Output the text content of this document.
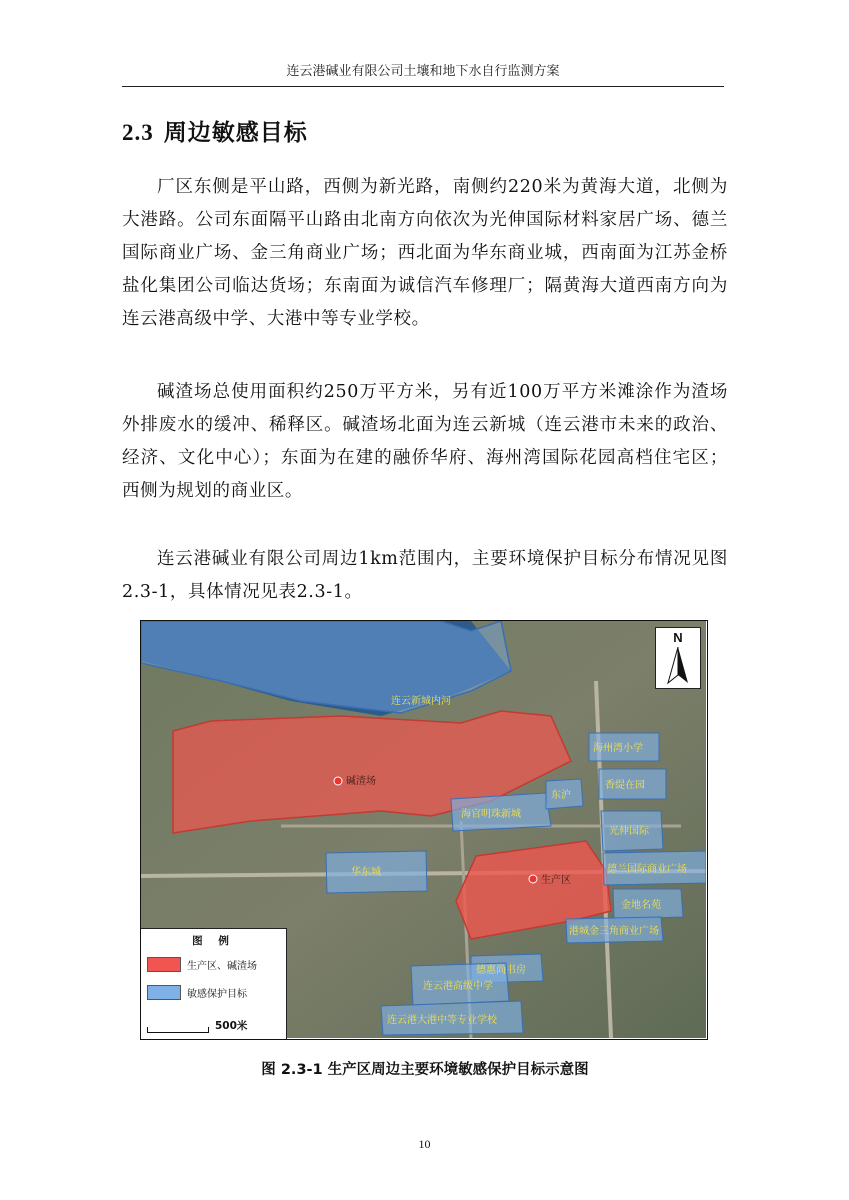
连云港碱业有限公司土壤和地下水自行监测方案
2.3 周边敏感目标

厂区东侧是平山路，西侧为新光路，南侧约220米为黄海大道，北侧为大港路。公司东面隔平山路由北南方向依次为光伸国际材料家居广场、德兰国际商业广场、金三角商业广场；西北面为华东商业城，西南面为江苏金桥盐化集团公司临达货场；东南面为诚信汽车修理厂；隔黄海大道西南方向为连云港高级中学、大港中等专业学校。

碱渣场总使用面积约250万平方米，另有近100万平方米滩涂作为渣场外排废水的缓冲、稀释区。碱渣场北面为连云新城（连云港市未来的政治、经济、文化中心）；东面为在建的融侨华府、海州湾国际花园高档住宅区；西侧为规划的商业区。

连云港碱业有限公司周边1km范围内，主要环境保护目标分布情况见图2.3-1，具体情况见表2.3-1。

连云新城内河
碱渣场
生产区
海州湾小学
香缇在园
海官明珠新城
东沪
光伸国际
华东城	德兰国际商业广场
金地名苑
港城金三角商业广场
德惠尚书房
连云港高级中学
连云港大港中等专业学校
N
图 例
生产区、碱渣场
敏感保护目标
500米
图 2.3-1 生产区周边主要环境敏感保护目标示意图
10
